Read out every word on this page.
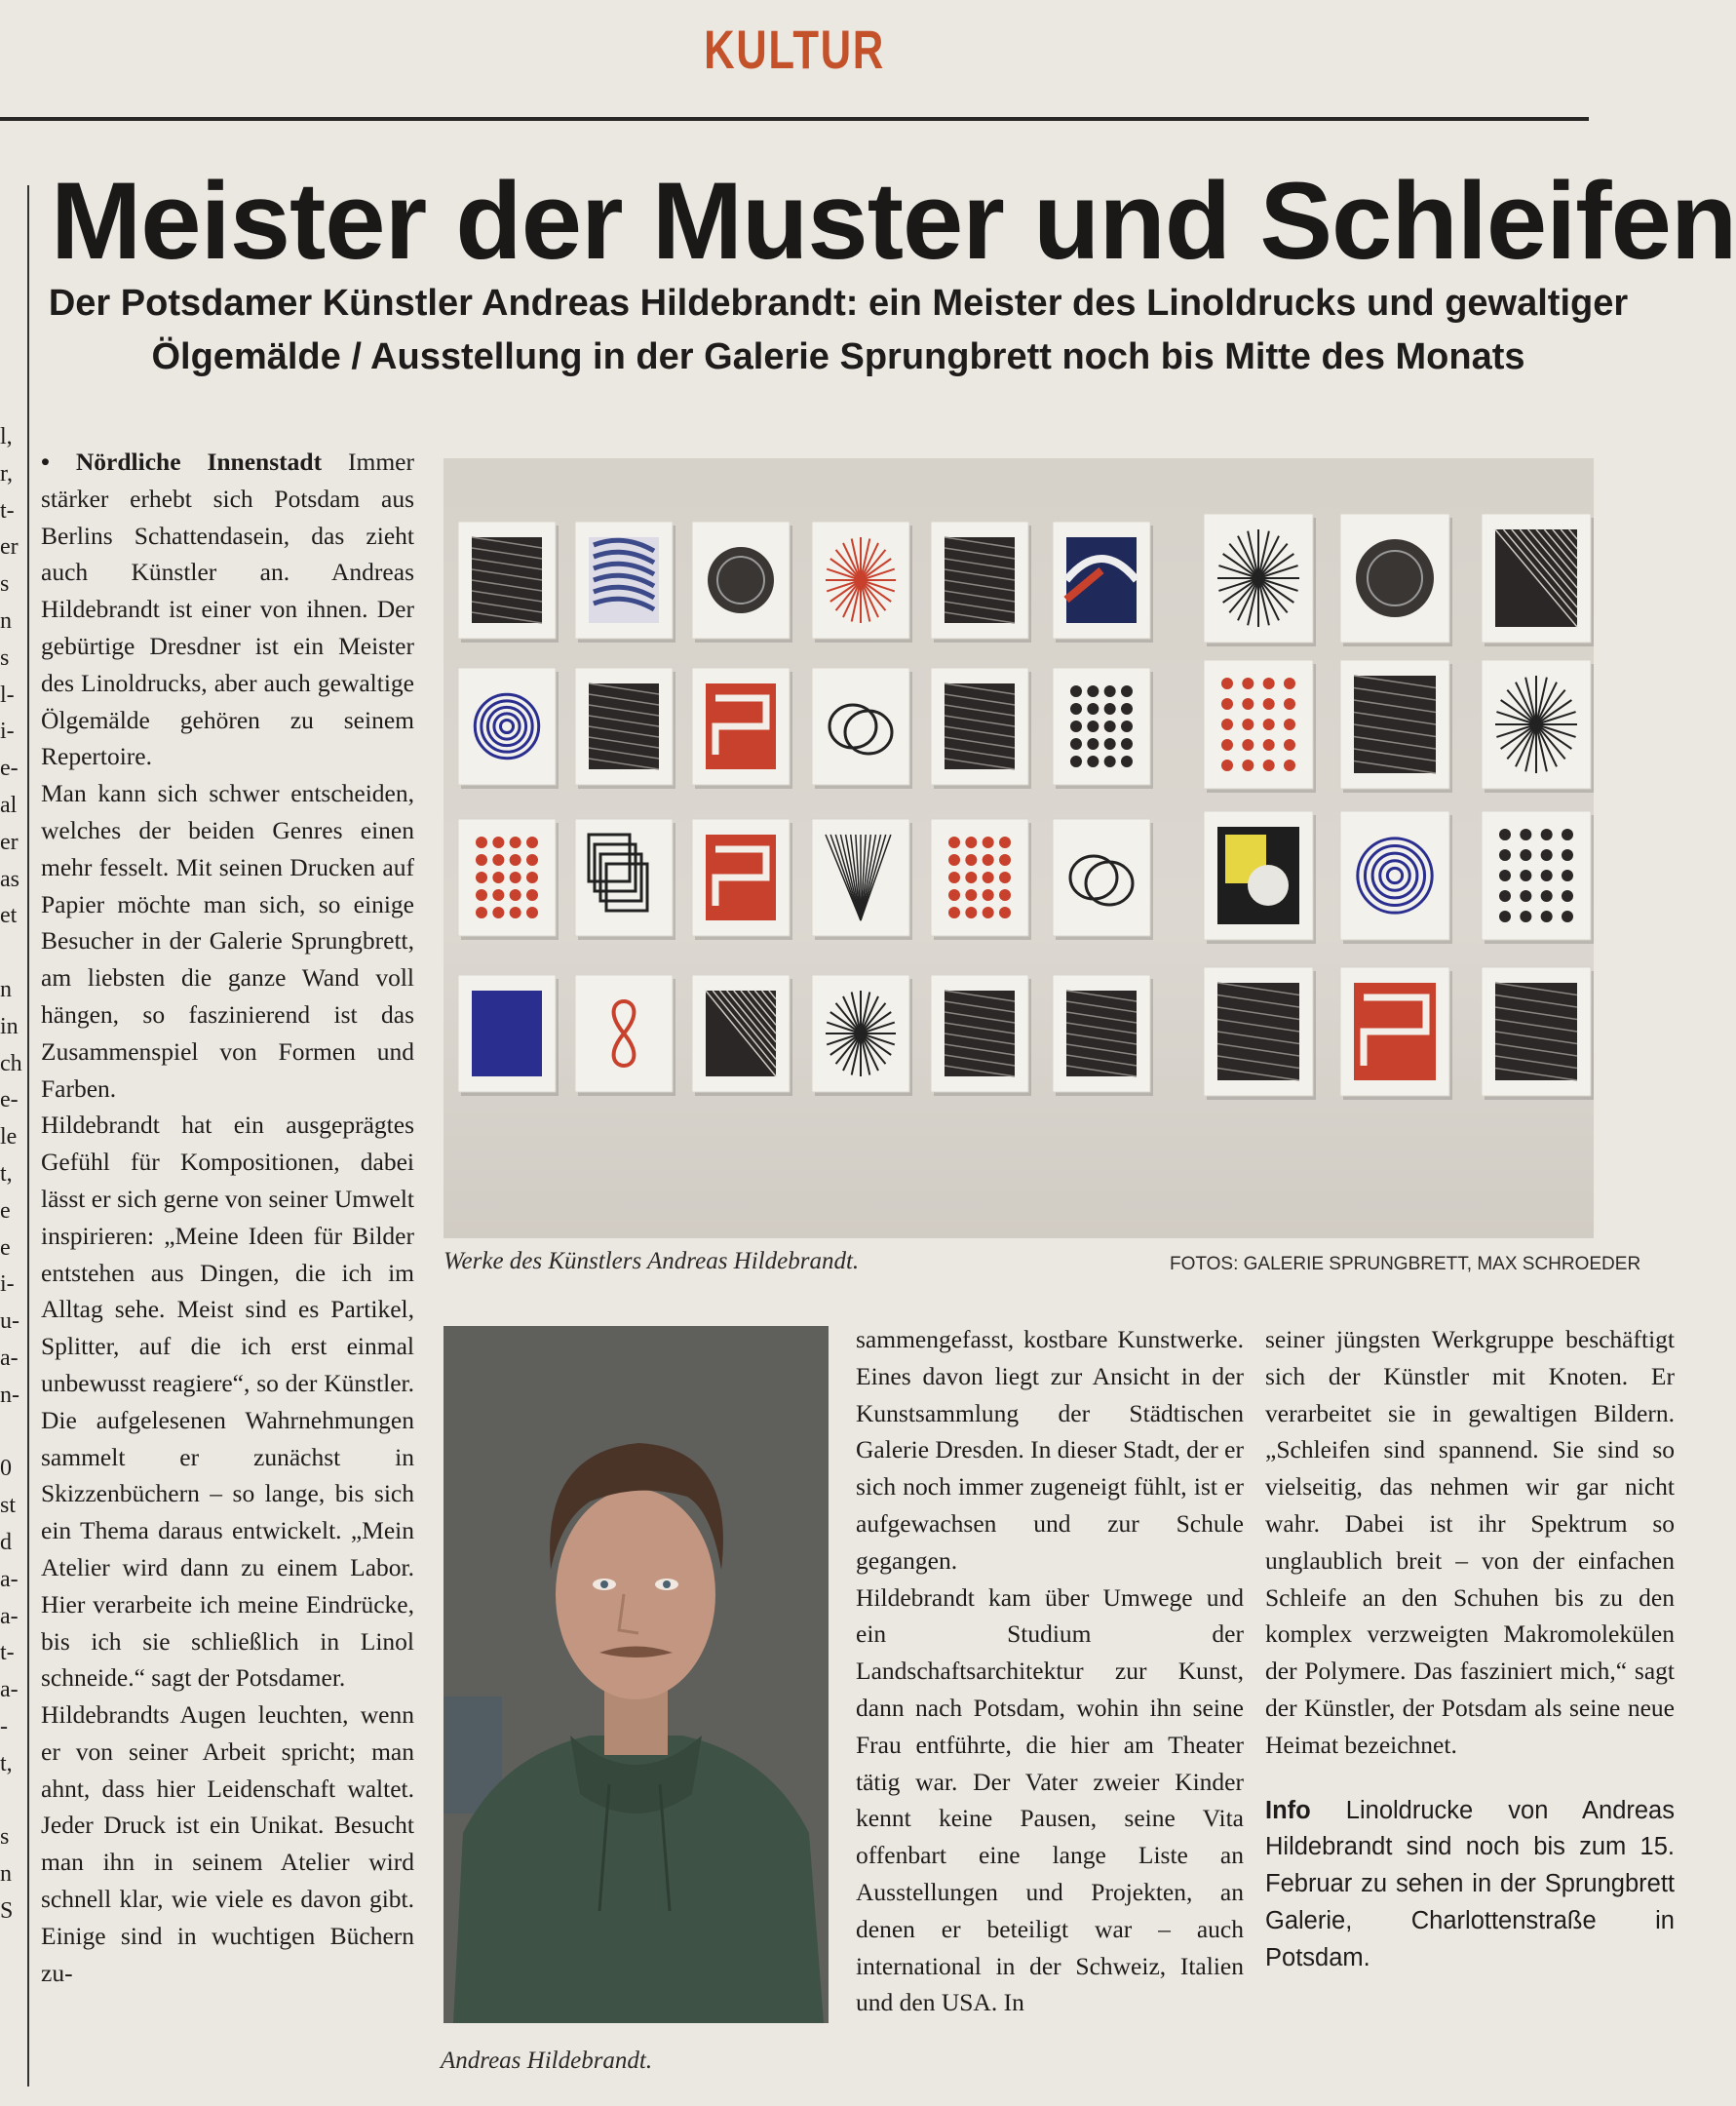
KULTUR
Meister der Muster und Schleifen
Der Potsdamer Künstler Andreas Hildebrandt: ein Meister des Linoldrucks und gewaltiger
Ölgemälde / Ausstellung in der Galerie Sprungbrett noch bis Mitte des Monats
l,
r,
t-
er
s
n
s
l-
i-
e-
al
er
as
et
n
in
ch
e-
le
t,
e
e
i-
u-
a-
n-
0
st
d
a-
a-
t-
a-
-
t,
s
n
S

• Nördliche Innenstadt Immer stärker erhebt sich Potsdam aus Berlins Schattendasein, das zieht auch Künstler an. Andreas Hildebrandt ist einer von ihnen. Der gebürtige Dresdner ist ein Meister des Linoldrucks, aber auch gewaltige Ölgemälde gehören zu seinem Repertoire.

Man kann sich schwer entscheiden, welches der beiden Genres einen mehr fesselt. Mit seinen Drucken auf Papier möchte man sich, so einige Besucher in der Galerie Sprungbrett, am liebsten die ganze Wand voll hängen, so faszinierend ist das Zusammenspiel von Formen und Farben.

Hildebrandt hat ein ausgeprägtes Gefühl für Kompositionen, dabei lässt er sich gerne von seiner Umwelt inspirieren: „Meine Ideen für Bilder entstehen aus Dingen, die ich im Alltag sehe. Meist sind es Partikel, Splitter, auf die ich erst einmal unbewusst reagiere“, so der Künstler. Die aufgelesenen Wahrnehmungen sammelt er zunächst in Skizzenbüchern – so lange, bis sich ein Thema daraus entwickelt. „Mein Atelier wird dann zu einem Labor. Hier verarbeite ich meine Eindrücke, bis ich sie schließlich in Linol schneide.“ sagt der Potsdamer.

Hildebrandts Augen leuchten, wenn er von seiner Arbeit spricht; man ahnt, dass hier Leidenschaft waltet. Jeder Druck ist ein Unikat. Besucht man ihn in seinem Atelier wird schnell klar, wie viele es davon gibt. Einige sind in wuchtigen Büchern zu-

Werke des Künstlers Andreas Hildebrandt.	FOTOS: GALERIE SPRUNGBRETT, MAX SCHROEDER
Andreas Hildebrandt.

sammengefasst, kostbare Kunstwerke. Eines davon liegt zur Ansicht in der Kunstsammlung der Städtischen Galerie Dresden. In dieser Stadt, der er sich noch immer zugeneigt fühlt, ist er aufgewachsen und zur Schule gegangen.

Hildebrandt kam über Umwege und ein Studium der Landschaftsarchitektur zur Kunst, dann nach Potsdam, wohin ihn seine Frau entführte, die hier am Theater tätig war. Der Vater zweier Kinder kennt keine Pausen, seine Vita offenbart eine lange Liste an Ausstellungen und Projekten, an denen er beteiligt war – auch international in der Schweiz, Italien und den USA. In

seiner jüngsten Werkgruppe beschäftigt sich der Künstler mit Knoten. Er verarbeitet sie in gewaltigen Bildern. „Schleifen sind spannend. Sie sind so vielseitig, das nehmen wir gar nicht wahr. Dabei ist ihr Spektrum so unglaublich breit – von der einfachen Schleife an den Schuhen bis zu den komplex verzweigten Makromolekülen der Polymere. Das fasziniert mich,“ sagt der Künstler, der Potsdam als seine neue Heimat bezeichnet.

Info Linoldrucke von Andreas Hildebrandt sind noch bis zum 15. Februar zu sehen in der Sprungbrett Galerie, Charlottenstraße in Potsdam.
